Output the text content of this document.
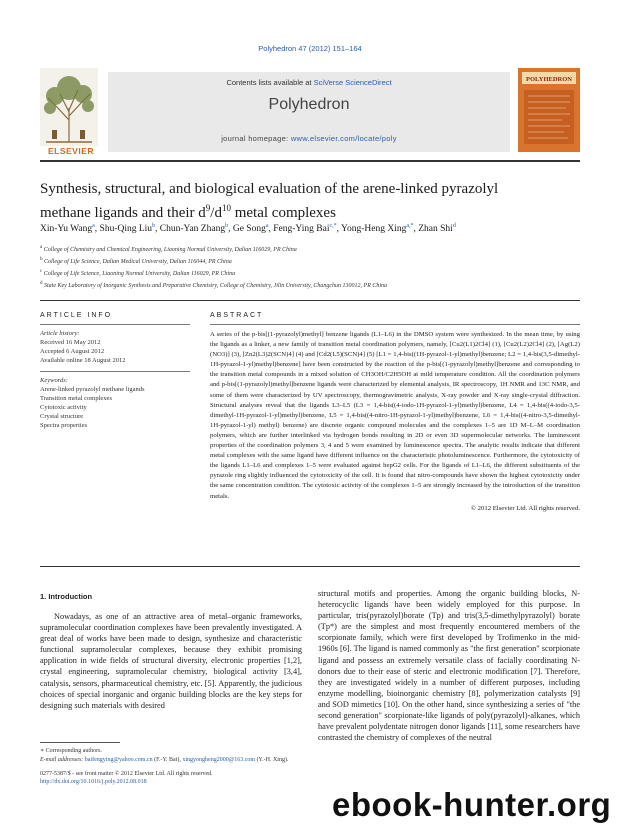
Polyhedron 47 (2012) 151–164
ELSEVIER
Contents lists available at SciVerse ScienceDirect
Polyhedron
journal homepage: www.elsevier.com/locate/poly
POLYHEDRON
Synthesis, structural, and biological evaluation of the arene-linked pyrazolyl
methane ligands and their $d^9/d^{10}$ metal complexes
Xin-Yu Wang$^a$, Shu-Qing Liu$^b$, Chun-Yan Zhang$^b$, Ge Song$^a$, Feng-Ying Bai$^{c,*}$, Yong-Heng Xing$^{a,*}$, Zhan Shi$^d$
$^a$ College of Chemistry and Chemical Engineering, Liaoning Normal University, Dalian 116029, PR China
$^b$ College of Life Science, Dalian Medical University, Dalian 116044, PR China
$^c$ College of Life Science, Liaoning Normal University, Dalian 116029, PR China
$^d$ State Key Laboratory of Inorganic Synthesis and Preparative Chemistry, College of Chemistry, Jilin University, Changchun 130012, PR China
ARTICLE INFO
Article history:
Received 16 May 2012
Accepted 6 August 2012
Available online 18 August 2012
Keywords:
Arene-linked pyrazolyl methane ligands
Transition metal complexes
Cytotoxic activity
Crystal structure
Spectra properties
ABSTRACT
A series of the p-bis[(1-pyrazolyl)methyl] benzene ligands (L1–L6) in the DMSO system were synthesized. In the mean time, by using the ligands as a linker, a new family of transition metal coordination polymers, namely, [Cu2(L1)2Cl4] (1), [Cu2(L2)2Cl4] (2), [Ag(L2)(NO3)] (3), [Zn2(L3)2(SCN)4] (4) and [Cd2(L5)(SCN)4] (5) [L1 = 1,4-bis((1H-pyrazol-1-yl)methyl)benzene; L2 = 1,4-bis(3,5-dimethyl-1H-pyrazol-1-yl)methyl)benzene] have been constructed by the reaction of the p-bis[(1-pyrazolyl)methyl]benzene and corresponding to the transition metal compounds in a mixed solution of CH3OH/C2H5OH at mild temperature condition. All the coordination polymers and p-bis[(1-pyrazolyl)methyl]benzene ligands were characterized by elemental analysis, IR spectroscopy, 1H NMR and 13C NMR, and some of them were characterized by UV spectroscopy, thermogravimetric analysis, X-ray powder and X-ray single-crystal diffraction. Structural analyses reveal that the ligands L3–L5 (L3 = 1,4-bis((4-iodo-1H-pyrazol-1-yl)methyl)benzene, L4 = 1,4-bis((4-iodo-3,5-dimethyl-1H-pyrazol-1-yl)methyl)benzene, L5 = 1,4-bis((4-nitro-1H-pyrazol-1-yl)methyl)benzene, L6 = 1,4-bis((4-nitro-3,5-dimethyl-1H-pyrazol-1-yl) methyl) benzene) are discrete organic compound molecules and the complexes 1–5 are 1D M–L–M coordination polymers, which are further interlinked via hydrogen bonds resulting in 2D or even 3D supermolecular networks. The luminescent properties of the coordination polymers 3, 4 and 5 were examined by luminescence spectra. The analytic results indicate that different metal complexes with the same ligand have different influence on the characteristic photoluminescence. Furthermore, the cytotoxicity of the ligands L1–L6 and complexes 1–5 were evaluated against hepG2 cells. For the ligands of L1–L6, the different substituents of the pyrazole ring slightly influenced the cytotoxicity of the cell. It is found that nitro-compounds have shown the highest cytotoxicity under the same concentration condition. The cytotoxic activity of the complexes 1–5 are strongly increased by the introduction of the transition metals.
© 2012 Elsevier Ltd. All rights reserved.
1. Introduction
Nowadays, as one of an attractive area of metal–organic frameworks, supramolecular coordination complexes have been prevalently investigated. A great deal of works have been made to design, synthesize and characteristic functional supramolecular complexes, because they exhibit promising application in wide fields of structural diversity, electronic properties [1,2], crystal engineering, supramolecular chemistry, biological activity [3,4], catalysis, sensors, pharmaceutical chemistry, etc. [5]. Apparently, the judicious choices of special inorganic and organic building blocks are the key steps for designing such materials with desired
structural motifs and properties. Among the organic building blocks, N-heterocyclic ligands have been widely employed for this purpose. In particular, tris(pyrazolyl)borate (Tp) and tris(3,5-dimethylpyrazolyl) borate (Tp*) are the simplest and most frequently encountered members of the scorpionate family, which were first developed by Trofimenko in the mid-1960s [6]. The ligand is named commonly as "the first generation" scorpionate ligand and possess an extremely versatile class of facially coordinating N-donors due to their ease of steric and electronic modification [7]. Therefore, they are investigated widely in a number of different purposes, including enzyme modelling, bioinorganic chemistry [8], polymerization catalysts [9] and SOD mimetics [10]. On the other hand, since synthesizing a series of "the second generation" scorpionate-like ligands of poly(pyrazolyl)-alkanes, which have prevalent polydentate nitrogen donor ligands [11], some researchers have contrasted the chemistry of complexes of the neutral
∗ Corresponding authors.
E-mail addresses: baifengying@yahoo.com.cn (F.-Y. Bai), xingyongheng2000@163.com (Y.-H. Xing).
0277-5387/$ - see front matter © 2012 Elsevier Ltd. All rights reserved.
http://dx.doi.org/10.1016/j.poly.2012.08.018
ebook-hunter.org
